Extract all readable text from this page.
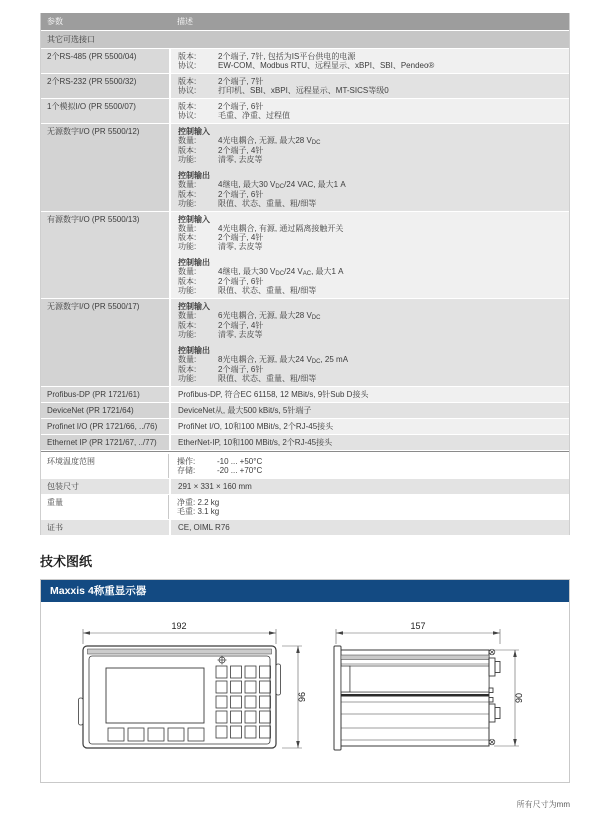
参数	描述
其它可选接口
2个RS-485 (PR 5500/04)	版本:	2个端子, 7针, 包括为IS平台供电的电源
协议:	EW-COM、Modbus RTU、远程显示、xBPI、SBI、Pendeo®
2个RS-232 (PR 5500/32)	版本:	2个端子, 7针
协议:	打印机、SBI、xBPI、远程显示、MT-SICS等级0
1个模拟I/O (PR 5500/07)	版本:	2个端子, 6针
协议:	毛重、净重、过程值
无源数字I/O (PR 5500/12)	控制输入
数量:	4光电耦合, 无源, 最大28 $V_{DC}$
版本:	2个端子, 4针
功能:	清零, 去皮等
控制输出
数量:	4继电, 最大30 $V_{DC}/24$ VAC, 最大1 A
版本:	2个端子, 6针
功能:	限值、状态、重量、粗/细等
有源数字I/O (PR 5500/13)	控制输入
数量:	4光电耦合, 有源, 通过隔离接触开关
版本:	2个端子, 4针
功能:	清零, 去皮等
控制输出
数量:	4继电, 最大30 $V_{DC}/24$ $V_{AC}$, 最大1 A
版本:	2个端子, 6针
功能:	限值、状态、重量、粗/细等
无源数字I/O (PR 5500/17)	控制输入
数量:	6光电耦合, 无源, 最大28 $V_{DC}$
版本:	2个端子, 4针
功能:	清零, 去皮等
控制输出
数量:	8光电耦合, 无源, 最大24 $V_{DC}$, 25 mA
版本:	2个端子, 6针
功能:	限值、状态、重量、粗/细等
Profibus-DP (PR 1721/61)	Profibus-DP, 符合EC 61158, 12 MBit/s, 9针Sub D接头
DeviceNet (PR 1721/64)	DeviceNet从, 最大500 kBit/s, 5针端子
Profinet I/O (PR 1721/66, ../76)	ProfiNet I/O, 10和100 MBit/s, 2个RJ-45接头
Ethernet IP (PR 1721/67, ../77)	EtherNet-IP, 10和100 MBit/s, 2个RJ-45接头
环境温度范围	操作:	-10 ... +50°C
存储:	-20 ... +70°C
包装尺寸	291 × 331 × 160 mm
重量	净重: 2.2 kg
毛重: 3.1 kg
证书	CE, OIML R76
技术图纸
Maxxis 4称重显示器
192
96
157
90
所有尺寸为mm
